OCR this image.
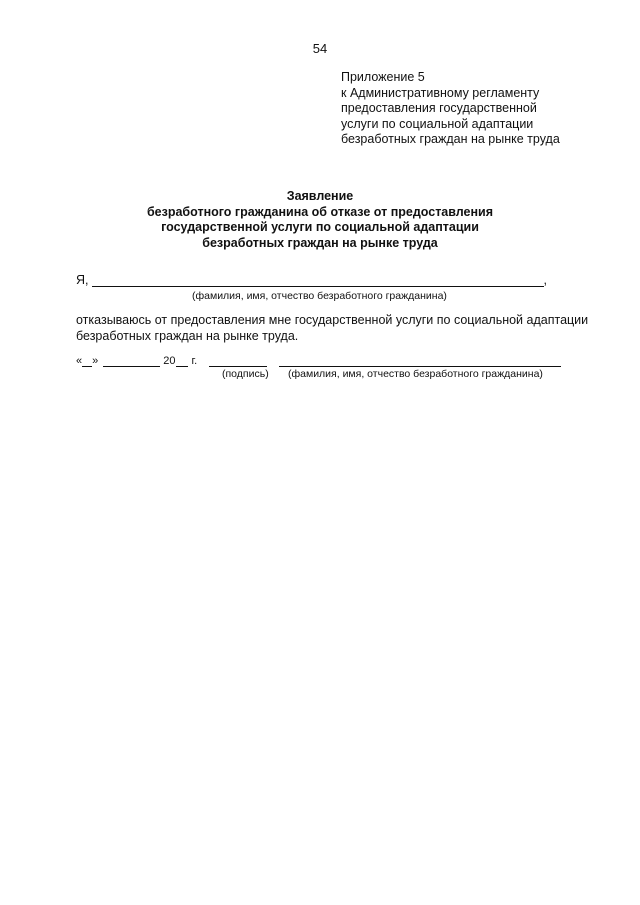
54
Приложение 5
к Административному регламенту
предоставления государственной
услуги по социальной адаптации
безработных граждан на рынке труда
Заявление
безработного гражданина об отказе от предоставления
государственной услуги по социальной адаптации
безработных граждан на рынке труда
Я,	,
(фамилия, имя, отчество безработного гражданина)
отказываюсь от предоставления мне государственной услуги по социальной адаптации
безработных граждан на рынке труда.
« »	20 г.
(подпись) (фамилия, имя, отчество безработного гражданина)
